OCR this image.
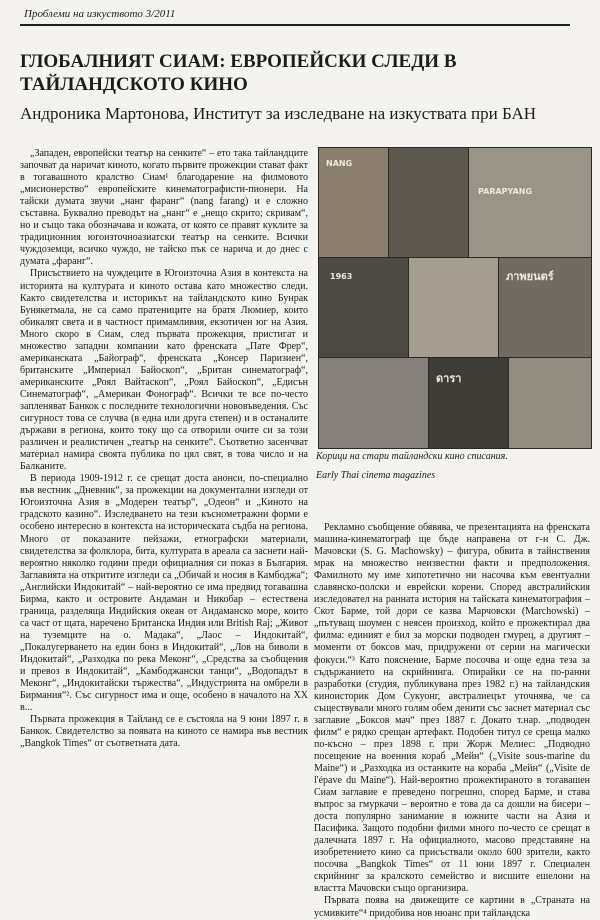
Проблеми на изкуството 3/2011
ГЛОБАЛНИЯТ СИАМ: ЕВРОПЕЙСКИ СЛЕДИ В ТАЙЛАНДСКОТО КИНО

Андроника Мартонова, Институт за изследване на изкуствата при БАН

„Западен, европейски театър на сенките“ – ето така тайландците започват да наричат киното, когато първите прожекции стават факт в тогавашното кралство Сиам¹ благодарение на филмовото „мисионерство“ европейските кинематографисти-пионери. На тайски думата звучи „нанг фаранг“ (nang farang) и е сложно съставна. Буквално преводът на „нанг“ е „нещо скрито; скривам“, но и също така обозначава и кожата, от която се правят куклите за традиционния югоизточноазиатски театър на сенките. Всички чуждоземци, всичко чуждо, не тайско пък се нарича и до днес с думата „фаранг“.

Присъствието на чуждеците в Югоизточна Азия в контекста на историята на културата и киното остава като множество следи. Както свидетелства и историкът на тайландското кино Бунрак Бунякетмала, не са само пратениците на братя Люмиер, които обикалят света и в частност примамливия, екзотичен юг на Азия. Много скоро в Сиам, след първата прожекция, пристигат и множество западни компании като френската „Пате Фрер“, американската „Байограф“, френската „Консер Паризиен“, британските „Империал Байоскоп“, „Британ синематограф“, американските „Роял Вайтаскоп“, „Роял Байоскоп“, „Едисън Синематограф“, „Американ Фонограф“. Всички те все по-често запленяват Банкок с последните технологични нововъведения. Със сигурност това се случва (в една или друга степен) и в останалите държави в региона, които току що са отворили очите си за този различен и реалистичен „театър на сенките“. Съответно засенчват материал намира своята публика по цял свят, в това число и на Балканите.

В периода 1909-1912 г. се срещат доста анонси, по-специално във вестник „Дневник“, за прожекции на документални изгледи от Югоизточна Азия в „Модерен театър“, „Одеон“ и „Киното на градското казино“. Изследването на тези къснометражни форми е особено интересно в контекста на историческата съдба на региона. Много от показаните пейзажи, етнографски материали, свидетелства за фолклора, бита, културата в ареала са заснети най-вероятно няколко години преди официалния си показ в България. Заглавията на откритите изгледи са „Обичай и носия в Камбоджа“; „Английски Индокитай“ – най-вероятно се има предвид тогавашна Бирма, както и островите Андаман и Никобар – естествена граница, разделяща Индийския океан от Андаманско море, които са част от щата, наречено Британска Индия или British Raj; „Живот на туземците на о. Мадака“, „Лаос – Индокитай“, „Покалугерването на един бонз в Индокитай“, „Лов на биволи в Индокитай“, „Разходка по река Меконг“, „Средства за съобщения и превоз в Индокитай“, „Камбоджански танци“, „Водопадът в Меконг“, „Индокитайски тържества“, „Индустрията на омбрели в Бирмания“². Със сигурност има и още, особено в началото на ХХ в...

Първата прожекция в Тайланд се е състояла на 9 юни 1897 г. в Банкок. Свидетелство за появата на киното се намира във вестник „Bangkok Times“ от съответната дата.

NANG
PARAPYANG
ภาพยนตร์
1963
ดารา
Корици на стари тайландски кино списания.
Early Thai cinema magazines

Рекламно съобщение обявява, че презентацията на френската машина-кинематограф ще бъде направена от г-н С. Дж. Мачовски (S. G. Machowsky) – фигура, обвита в тайнствения мрак на множество неизвестни факти и предположения. Фамилното му име хипотетично ни насочва към евентуални славянско-полски и еврейски корени. Според австралийския изследовател на ранната история на тайската кинематография – Скот Барме, той дори се казва Марчовски (Marchowski) – „пътуващ шоумен с неясен произход, който е прожектирал два филма: единият е бил за морски подводен гмурец, а другият – моменти от боксов мач, придружени от серии на магически фокуси.“³ Като пояснение, Барме посочва и още една теза за съдържанието на скрийнинга. Опирайки се на по-ранни разработки (студия, публикувана през 1982 г.) на тайландския киноисторик Дом Сукуонг, австралиецът уточнява, че са съществували много голям обем денити със заснет материал със заглавие „Боксов мач“ през 1887 г. Докато т.нар. „подводен филм“ е рядко срещан артефакт. Подобен титул се среща малко по-късно – през 1898 г. при Жорж Мелиес: „Подводно посещение на военния кораб „Мейн“ („Visite sous-marine du Maine“) и „Разходка из останките на кораба „Мейн“ („Visite de l'épave du Maine“). Най-вероятно прожектираното в тогавашен Сиам заглавие е преведено погрешно, според Барме, и става въпрос за гмуркачи – вероятно е това да са дошли на бисери – доста популярно занимание в южните части на Азия и Пасифика. Защото подобни филми много по-често се срещат в далечната 1897 г. На официалното, масово представяне на изобретението кино са присъствали около 600 зрители, както посочва „Bangkok Times“ от 11 юни 1897 г. Специален скрийнинг за кралското семейство и висшите ешелони на властта Мачовски също организира.

Първата поява на движещите се картини в „Страната на усмивките“⁴ придобива нов нюанс при тайландска
